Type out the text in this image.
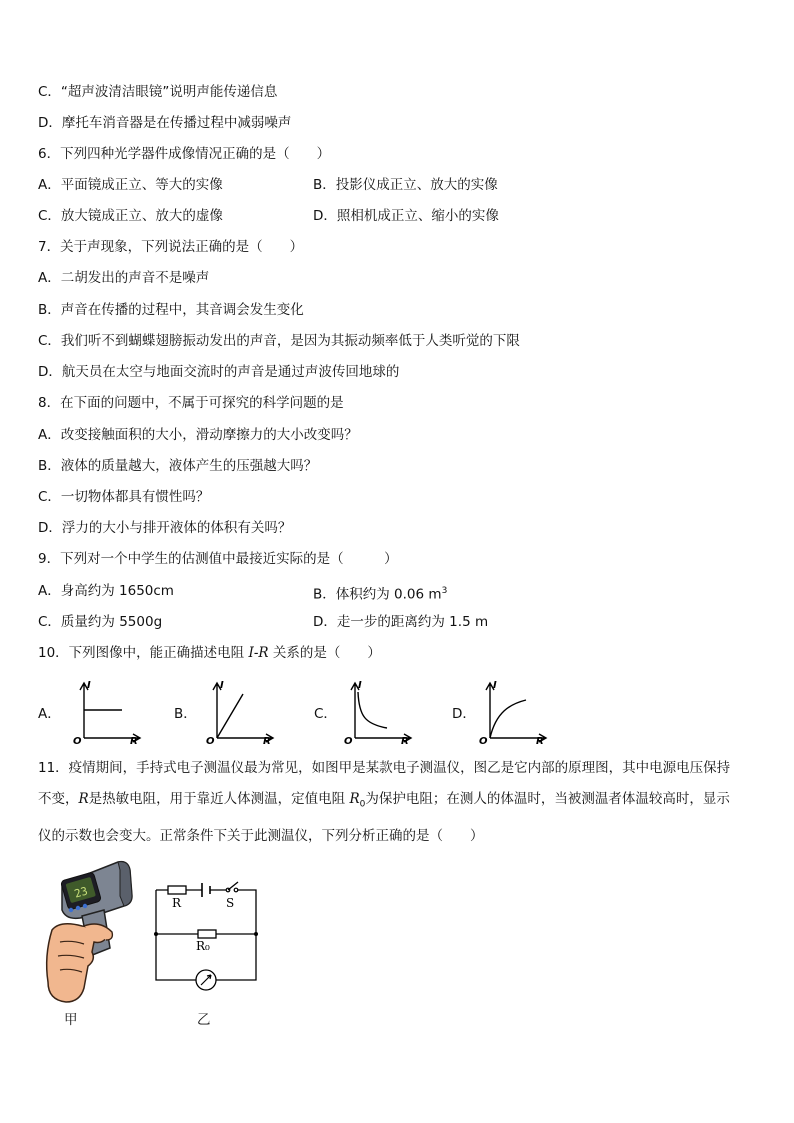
C．“超声波清洁眼镜”说明声能传递信息
D．摩托车消音器是在传播过程中减弱噪声
6．下列四种光学器件成像情况正确的是（　　）
A．平面镜成正立、等大的实像	B．投影仪成正立、放大的实像
C．放大镜成正立、放大的虚像	D．照相机成正立、缩小的实像
7．关于声现象，下列说法正确的是（　　）
A．二胡发出的声音不是噪声
B．声音在传播的过程中，其音调会发生变化
C．我们听不到蝴蝶翅膀振动发出的声音，是因为其振动频率低于人类听觉的下限
D．航天员在太空与地面交流时的声音是通过声波传回地球的
8．在下面的问题中，不属于可探究的科学问题的是
A．改变接触面积的大小，滑动摩擦力的大小改变吗？
B．液体的质量越大，液体产生的压强越大吗？
C．一切物体都具有惯性吗？
D．浮力的大小与排开液体的体积有关吗？
9．下列对一个中学生的估测值中最接近实际的是（　　　）
A．身高约为 1650cm	B．体积约为 0.06 $m^3$
C．质量约为 5500g	D．走一步的距离约为 1.5 m
10．下列图像中，能正确描述电阻 I-R 关系的是（　　）
A．	B．	C．	D．
I
R
O
I
R
O
I
R
O
I
R
O
11．疫情期间，手持式电子测温仪最为常见，如图甲是某款电子测温仪，图乙是它内部的原理图，其中电源电压保持
不变，R是热敏电阻，用于靠近人体测温，定值电阻 $R_0$为保护电阻；在测人的体温时，当被测温者体温较高时，显示
仪的示数也会变大。正常条件下关于此测温仪，下列分析正确的是（　　）
23
甲
R	S
R₀
乙
